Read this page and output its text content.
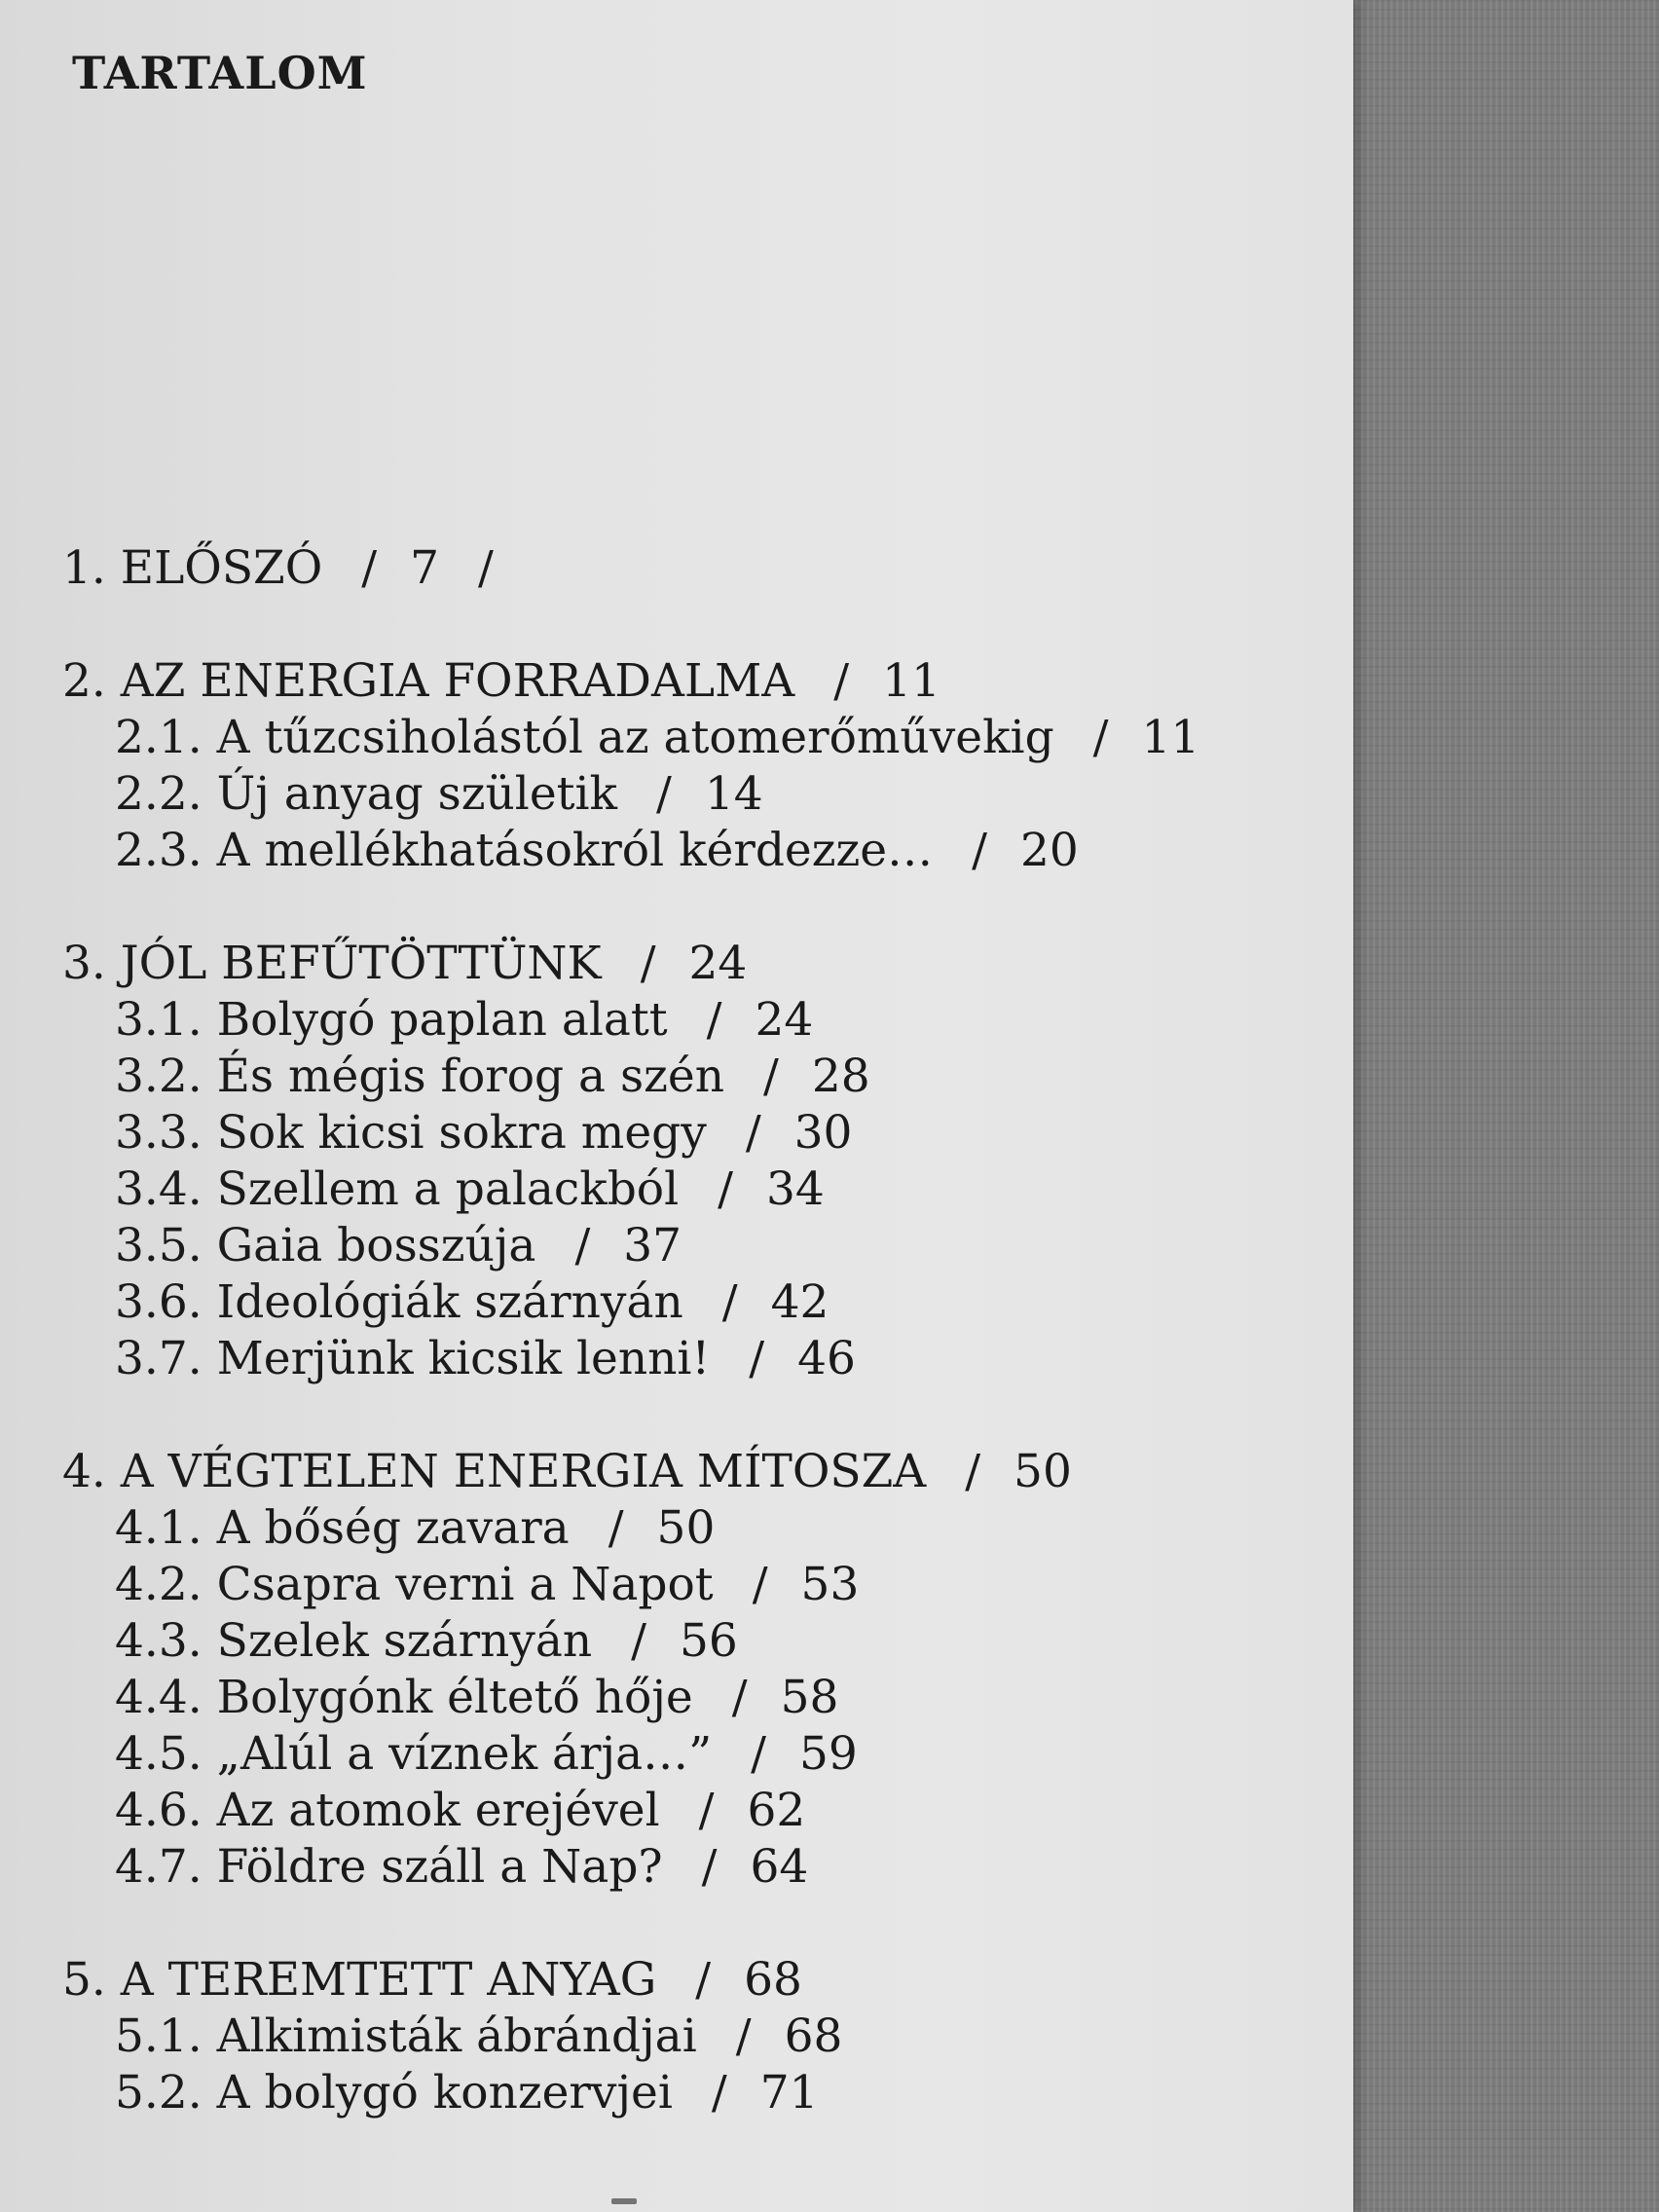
TARTALOM
1. ELŐSZÓ / 7 /
2. AZ ENERGIA FORRADALMA / 11
2.1. A tűzcsiholástól az atomerőművekig / 11
2.2. Új anyag születik / 14
2.3. A mellékhatásokról kérdezze… / 20
3. JÓL BEFŰTÖTTÜNK / 24
3.1. Bolygó paplan alatt / 24
3.2. És mégis forog a szén / 28
3.3. Sok kicsi sokra megy / 30
3.4. Szellem a palackból / 34
3.5. Gaia bosszúja / 37
3.6. Ideológiák szárnyán / 42
3.7. Merjünk kicsik lenni! / 46
4. A VÉGTELEN ENERGIA MÍTOSZA / 50
4.1. A bőség zavara / 50
4.2. Csapra verni a Napot / 53
4.3. Szelek szárnyán / 56
4.4. Bolygónk éltető hője / 58
4.5. „Alúl a víznek árja…” / 59
4.6. Az atomok erejével / 62
4.7. Földre száll a Nap? / 64
5. A TEREMTETT ANYAG / 68
5.1. Alkimisták ábrándjai / 68
5.2. A bolygó konzervjei / 71
